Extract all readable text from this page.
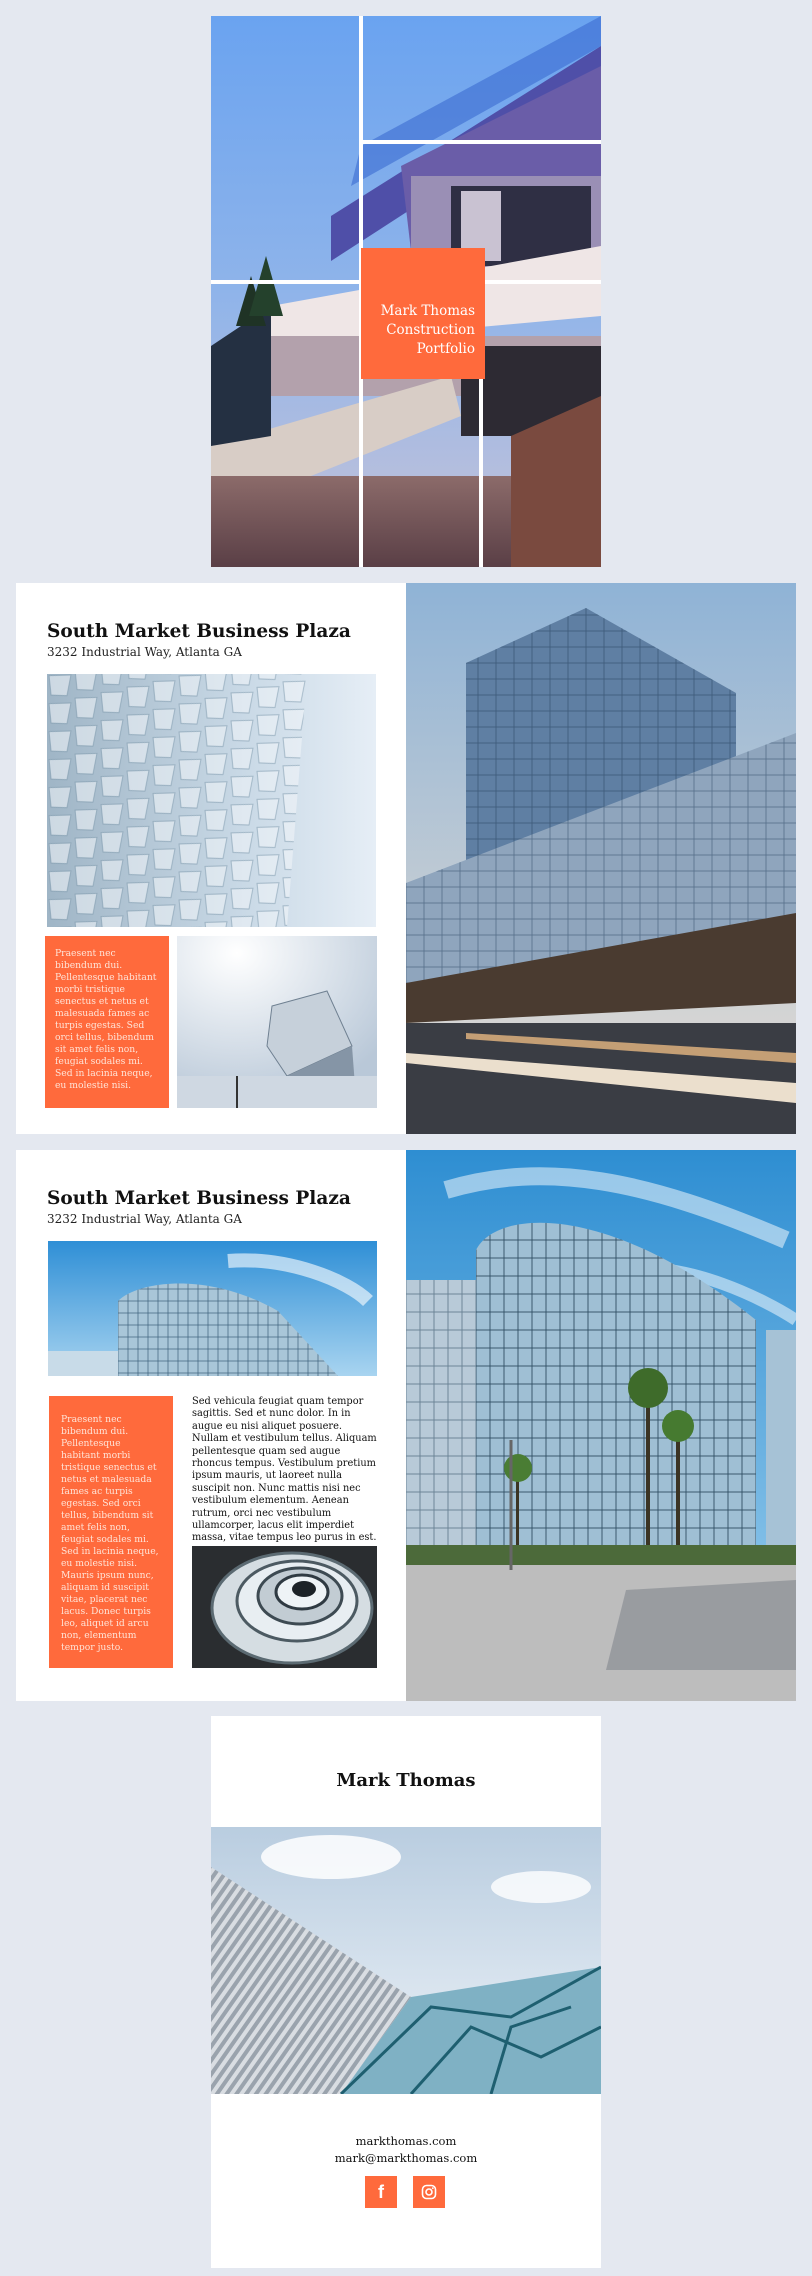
Mark Thomas
Construction
Portfolio
South Market Business Plaza
3232 Industrial Way, Atlanta GA
Praesent nec bibendum dui. Pellentesque habitant morbi tristique senectus et netus et malesuada fames ac turpis egestas. Sed orci tellus, bibendum sit amet felis non, feugiat sodales mi. Sed in lacinia neque, eu molestie nisi.
South Market Business Plaza
3232 Industrial Way, Atlanta GA
Praesent nec bibendum dui. Pellentesque habitant morbi tristique senectus et netus et malesuada fames ac turpis egestas. Sed orci tellus, bibendum sit amet felis non, feugiat sodales mi. Sed in lacinia neque, eu molestie nisi. Mauris ipsum nunc, aliquam id suscipit vitae, placerat nec lacus. Donec turpis leo, aliquet id arcu non, elementum tempor justo.
Sed vehicula feugiat quam tempor sagittis. Sed et nunc dolor. In in augue eu nisi aliquet posuere. Nullam et vestibulum tellus. Aliquam pellentesque quam sed augue rhoncus tempus. Vestibulum pretium ipsum mauris, ut laoreet nulla suscipit non. Nunc mattis nisi nec vestibulum elementum. Aenean rutrum, orci nec vestibulum ullamcorper, lacus elit imperdiet massa, vitae tempus leo purus in est.
Mark Thomas
markthomas.com
mark@markthomas.com
f
